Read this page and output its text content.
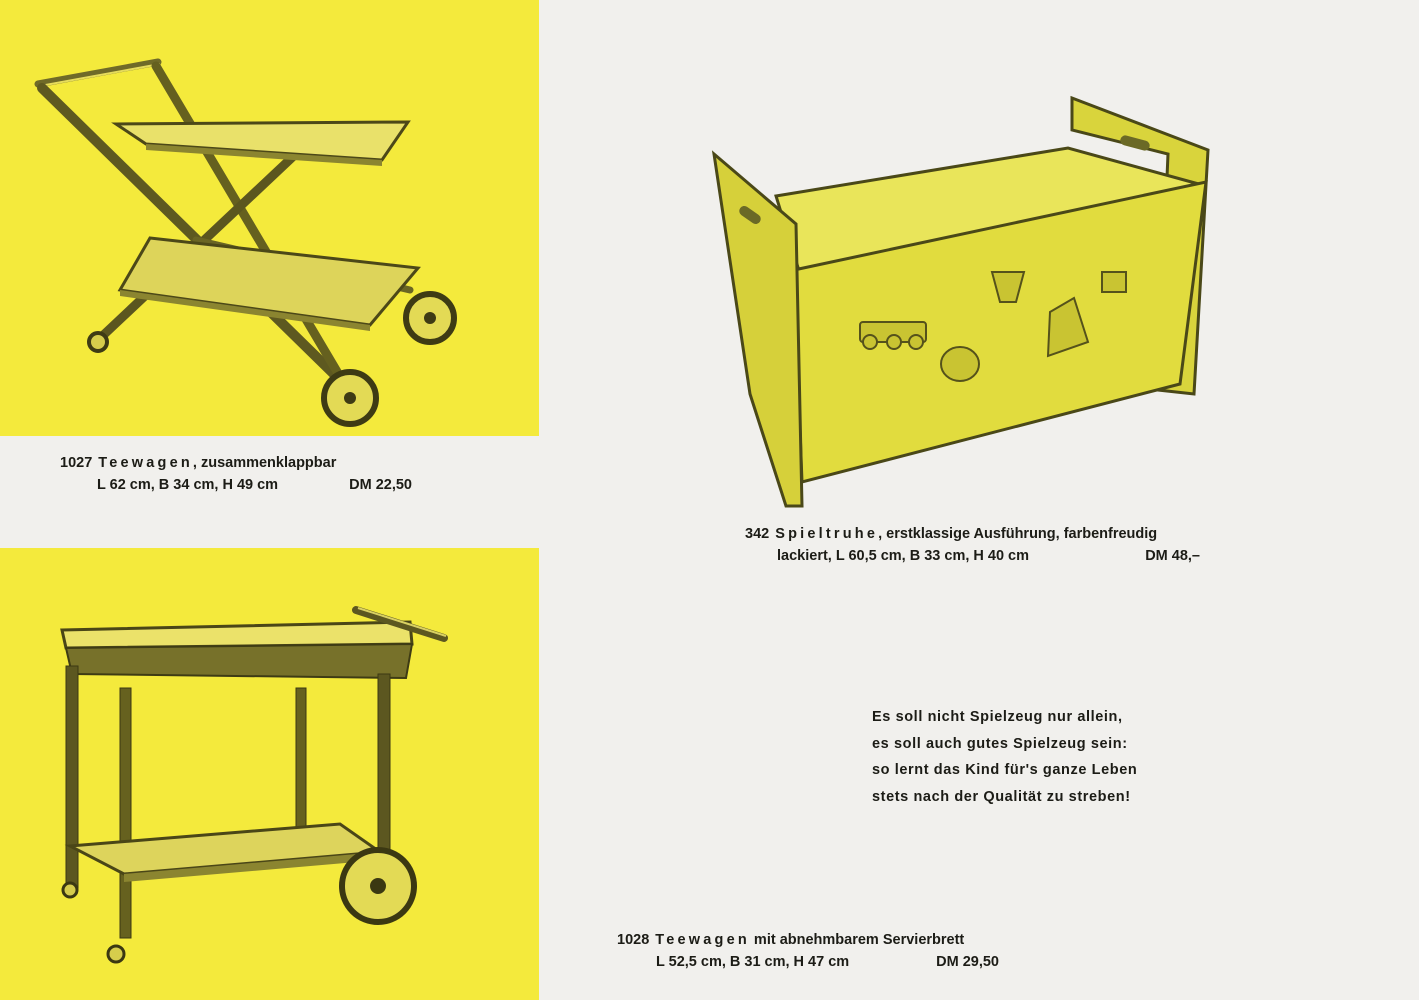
1027 Teewagen, zusammenklappbar
L 62 cm, B 34 cm, H 49 cm	DM 22,50
342 Spieltruhe, erstklassige Ausführung, farbenfreudig
lackiert, L 60,5 cm, B 33 cm, H 40 cm	DM 48,–
1028 Teewagen mit abnehmbarem Servierbrett
L 52,5 cm, B 31 cm, H 47 cm	DM 29,50
Es soll nicht Spielzeug nur allein,
es soll auch gutes Spielzeug sein:
so lernt das Kind für's ganze Leben
stets nach der Qualität zu streben!
